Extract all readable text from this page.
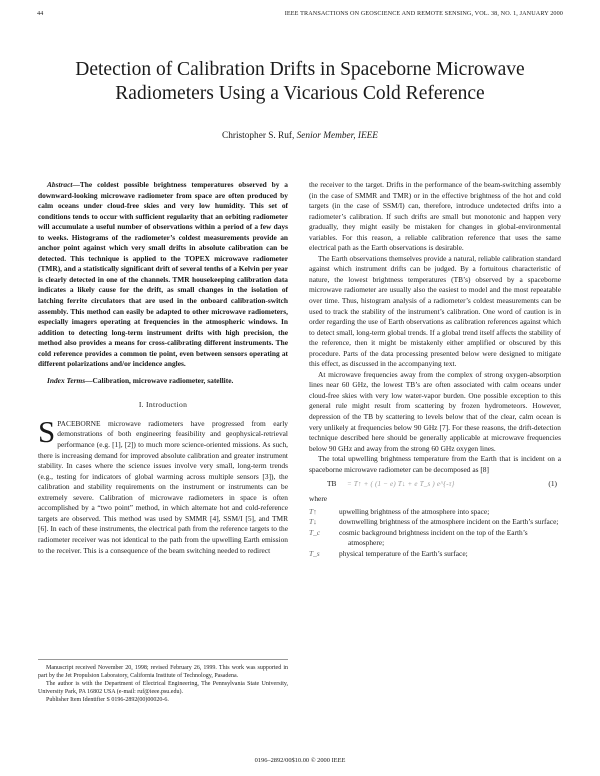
44	IEEE TRANSACTIONS ON GEOSCIENCE AND REMOTE SENSING, VOL. 38, NO. 1, JANUARY 2000
Detection of Calibration Drifts in Spaceborne Microwave Radiometers Using a Vicarious Cold Reference
Christopher S. Ruf, Senior Member, IEEE

Abstract—The coldest possible brightness temperatures observed by a downward-looking microwave radiometer from space are often produced by calm oceans under cloud-free skies and very low humidity. This set of conditions tends to occur with sufficient regularity that an orbiting radiometer will accumulate a useful number of observations within a period of a few days to weeks. Histograms of the radiometer’s coldest measurements provide an anchor point against which very small drifts in absolute calibration can be detected. This technique is applied to the TOPEX microwave radiometer (TMR), and a statistically significant drift of several tenths of a Kelvin per year is clearly detected in one of the channels. TMR housekeeping calibration data indicates a likely cause for the drift, as small changes in the isolation of latching ferrite circulators that are used in the onboard calibration-switch assembly. This method can easily be adapted to other microwave radiometers, especially imagers operating at frequencies in the atmospheric windows. In addition to detecting long-term instrument drifts with high precision, the method also provides a means for cross-calibrating different instruments. The cold reference provides a common tie point, even between sensors operating at different polarizations and/or incidence angles.

Index Terms—Calibration, microwave radiometer, satellite.

I. Introduction

SPACEBORNE microwave radiometers have progressed from early demonstrations of both engineering feasibility and geophysical-retrieval performance (e.g. [1], [2]) to much more science-oriented missions. As such, there is increasing demand for improved absolute calibration and greater instrument stability. In cases where the science issues involve very small, long-term trends (e.g., testing for indicators of global warming across multiple sensors [3]), the calibration and stability requirements on the instrument or instruments can be extremely severe. Calibration of microwave radiometers in space is often accomplished by a “two point” method, in which alternate hot and cold-reference targets are observed. This method was used by SMMR [4], SSM/I [5], and TMR [6]. In each of these instruments, the electrical path from the reference targets to the radiometer receiver was not identical to the path from the upwelling Earth emission to the receiver. This is a consequence of the beam switching needed to redirect

Manuscript received November 20, 1998; revised February 26, 1999. This work was supported in part by the Jet Propulsion Laboratory, California Institute of Technology, Pasadena.

The author is with the Department of Electrical Engineering, The Pennsylvania State University, University Park, PA 16802 USA (e-mail: ruf@ieee.psu.edu).

Publisher Item Identifier S 0196-2892(00)00020-6.

the receiver to the target. Drifts in the performance of the beam-switching assembly (in the case of SMMR and TMR) or in the effective brightness of the hot and cold targets (in the case of SSM/I) can, therefore, introduce undetected drifts into a radiometer’s calibration. If such drifts are small but monotonic and happen very gradually, they might easily be mistaken for changes in global-environmental variables. For this reason, a reliable calibration reference that uses the same electrical path as the Earth observations is desirable.

The Earth observations themselves provide a natural, reliable calibration standard against which instrument drifts can be judged. By a fortuitous characteristic of nature, the lowest brightness temperatures (TB’s) observed by a spaceborne microwave radiometer are usually also the easiest to model and the most repeatable over time. Thus, histogram analysis of a radiometer’s coldest measurements can be used to track the stability of the instrument’s calibration. One word of caution is in order regarding the use of Earth observations as calibration references against which to detect small, long-term global trends. If a global trend itself affects the stability of the reference, then it might be mistakenly either amplified or obscured by this procedure. Parts of the data processing presented below were designed to mitigate this effect, as discussed in the accompanying text.

At microwave frequencies away from the complex of strong oxygen-absorption lines near 60 GHz, the lowest TB’s are often associated with calm oceans under cloud-free skies with very low water-vapor burden. One possible exception to this general rule might result from scattering by frozen hydrometeors. However, depression of the TB by scattering to levels below that of the clear, calm ocean is very unlikely at frequencies below 90 GHz [7]. For these reasons, the drift-detection technique described here should be generally applicable at microwave frequencies below 90 GHz and away from the strong 60 GHz oxygen lines.

The total upwelling brightness temperature from the Earth that is incident on a spaceborne microwave radiometer can be decomposed as [8]

TB = T↑ + ( (1 − e) T↓ + e T_s ) e^{-τ}	(1)

where

T↑	upwelling brightness of the atmosphere into space;
T↓	downwelling brightness of the atmosphere incident on the Earth’s surface;
T_c	cosmic background brightness incident on the top of the Earth’s atmosphere;
T_s	physical temperature of the Earth’s surface;
0196–2892/00$10.00 © 2000 IEEE
